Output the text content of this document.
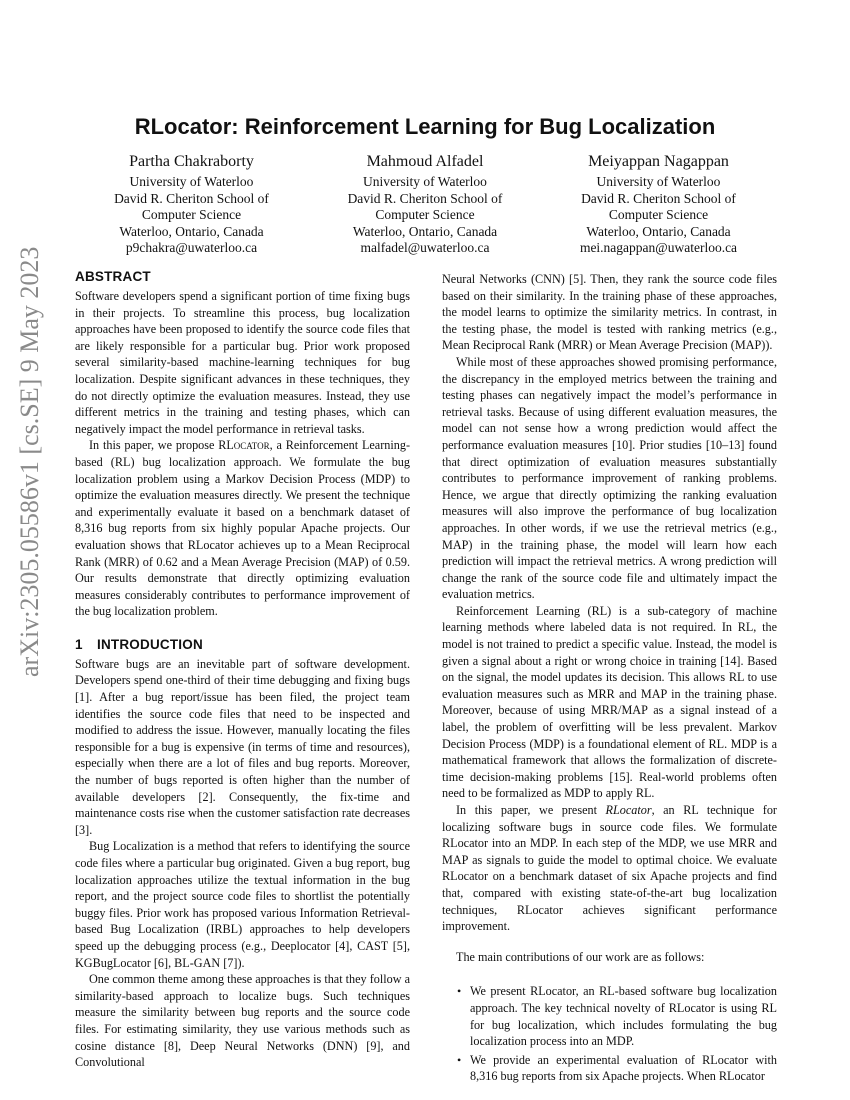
arXiv:2305.05586v1 [cs.SE] 9 May 2023
RLocator: Reinforcement Learning for Bug Localization
Partha Chakraborty
University of Waterloo
David R. Cheriton School of
Computer Science
Waterloo, Ontario, Canada
p9chakra@uwaterloo.ca
Mahmoud Alfadel
University of Waterloo
David R. Cheriton School of
Computer Science
Waterloo, Ontario, Canada
malfadel@uwaterloo.ca
Meiyappan Nagappan
University of Waterloo
David R. Cheriton School of
Computer Science
Waterloo, Ontario, Canada
mei.nagappan@uwaterloo.ca
ABSTRACT

Software developers spend a significant portion of time fixing bugs in their projects. To streamline this process, bug localization approaches have been proposed to identify the source code files that are likely responsible for a particular bug. Prior work proposed several similarity-based machine-learning techniques for bug localization. Despite significant advances in these techniques, they do not directly optimize the evaluation measures. Instead, they use different metrics in the training and testing phases, which can negatively impact the model performance in retrieval tasks.

In this paper, we propose RLocator, a Reinforcement Learning-based (RL) bug localization approach. We formulate the bug localization problem using a Markov Decision Process (MDP) to optimize the evaluation measures directly. We present the technique and experimentally evaluate it based on a benchmark dataset of 8,316 bug reports from six highly popular Apache projects. Our evaluation shows that RLocator achieves up to a Mean Reciprocal Rank (MRR) of 0.62 and a Mean Average Precision (MAP) of 0.59. Our results demonstrate that directly optimizing evaluation measures considerably contributes to performance improvement of the bug localization problem.

1 INTRODUCTION

Software bugs are an inevitable part of software development. Developers spend one-third of their time debugging and fixing bugs [1]. After a bug report/issue has been filed, the project team identifies the source code files that need to be inspected and modified to address the issue. However, manually locating the files responsible for a bug is expensive (in terms of time and resources), especially when there are a lot of files and bug reports. Moreover, the number of bugs reported is often higher than the number of available developers [2]. Consequently, the fix-time and maintenance costs rise when the customer satisfaction rate decreases [3].

Bug Localization is a method that refers to identifying the source code files where a particular bug originated. Given a bug report, bug localization approaches utilize the textual information in the bug report, and the project source code files to shortlist the potentially buggy files. Prior work has proposed various Information Retrieval-based Bug Localization (IRBL) approaches to help developers speed up the debugging process (e.g., Deeplocator [4], CAST [5], KGBugLocator [6], BL-GAN [7]).

One common theme among these approaches is that they follow a similarity-based approach to localize bugs. Such techniques measure the similarity between bug reports and the source code files. For estimating similarity, they use various methods such as cosine distance [8], Deep Neural Networks (DNN) [9], and Convolutional

Neural Networks (CNN) [5]. Then, they rank the source code files based on their similarity. In the training phase of these approaches, the model learns to optimize the similarity metrics. In contrast, in the testing phase, the model is tested with ranking metrics (e.g., Mean Reciprocal Rank (MRR) or Mean Average Precision (MAP)).

While most of these approaches showed promising performance, the discrepancy in the employed metrics between the training and testing phases can negatively impact the model’s performance in retrieval tasks. Because of using different evaluation measures, the model can not sense how a wrong prediction would affect the performance evaluation measures [10]. Prior studies [10–13] found that direct optimization of evaluation measures substantially contributes to performance improvement of ranking problems. Hence, we argue that directly optimizing the ranking evaluation measures will also improve the performance of bug localization approaches. In other words, if we use the retrieval metrics (e.g., MAP) in the training phase, the model will learn how each prediction will impact the retrieval metrics. A wrong prediction will change the rank of the source code file and ultimately impact the evaluation metrics.

Reinforcement Learning (RL) is a sub-category of machine learning methods where labeled data is not required. In RL, the model is not trained to predict a specific value. Instead, the model is given a signal about a right or wrong choice in training [14]. Based on the signal, the model updates its decision. This allows RL to use evaluation measures such as MRR and MAP in the training phase. Moreover, because of using MRR/MAP as a signal instead of a label, the problem of overfitting will be less prevalent. Markov Decision Process (MDP) is a foundational element of RL. MDP is a mathematical framework that allows the formalization of discrete-time decision-making problems [15]. Real-world problems often need to be formalized as MDP to apply RL.

In this paper, we present RLocator, an RL technique for localizing software bugs in source code files. We formulate RLocator into an MDP. In each step of the MDP, we use MRR and MAP as signals to guide the model to optimal choice. We evaluate RLocator on a benchmark dataset of six Apache projects and find that, compared with existing state-of-the-art bug localization techniques, RLocator achieves significant performance improvement.

The main contributions of our work are as follows:

• We present RLocator, an RL-based software bug localization approach. The key technical novelty of RLocator is using RL for bug localization, which includes formulating the bug localization process into an MDP.
• We provide an experimental evaluation of RLocator with 8,316 bug reports from six Apache projects. When RLocator
